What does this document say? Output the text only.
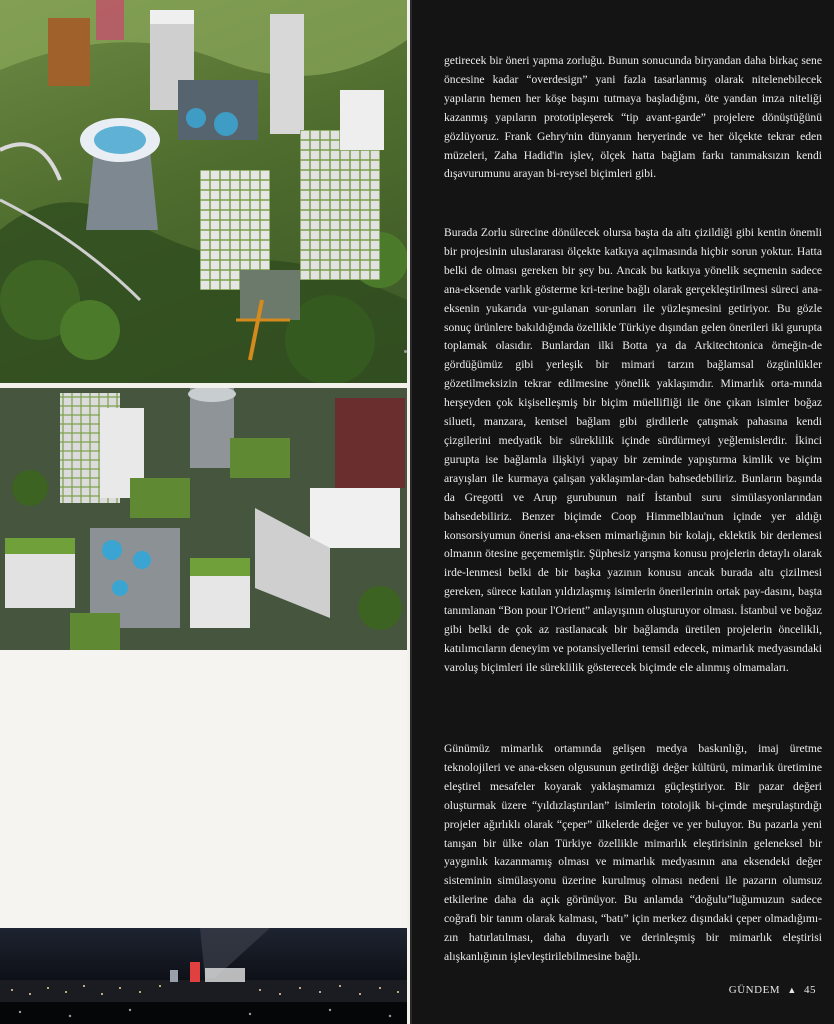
getirecek bir öneri yapma zorluğu. Bunun sonucunda biryandan daha birkaç sene öncesine kadar “overdesign” yani fazla tasarlanmış olarak nitelenebilecek yapıların hemen her köşe başını tutmaya başladığını, öte yandan imza niteliği kazanmış yapıların prototipleşerek “tip avant-garde” projelere dönüştüğünü gözlüyoruz. Frank Gehry'nin dünyanın heryerinde ve her ölçekte tekrar eden müzeleri, Zaha Hadid'in işlev, ölçek hatta bağlam farkı tanımaksızın kendi dışavurumunu arayan bi-reysel biçimleri gibi.

Burada Zorlu sürecine dönülecek olursa başta da altı çizildiği gibi kentin önemli bir projesinin uluslararası ölçekte katkıya açılmasında hiçbir sorun yoktur. Hatta belki de olması gereken bir şey bu. Ancak bu katkıya yönelik seçmenin sadece ana-eksende varlık gösterme kri-terine bağlı olarak gerçekleştirilmesi süreci ana-eksenin yukarıda vur-gulanan sorunları ile yüzleşmesini getiriyor. Bu gözle sonuç ürünlere bakıldığında özellikle Türkiye dışından gelen önerileri iki gurupta toplamak olasıdır. Bunlardan ilki Botta ya da Arkitechtonica örneğin-de gördüğümüz gibi yerleşik bir mimari tarzın bağlamsal özgünlükler gözetilmeksizin tekrar edilmesine yönelik yaklaşımdır. Mimarlık orta-mında herşeyden çok kişiselleşmiş bir biçim müellifliği ile öne çıkan isimler boğaz silueti, manzara, kentsel bağlam gibi girdilerle çatışmak pahasına kendi çizgilerini medyatik bir süreklilik içinde sürdürmeyi yeğlemislerdir. İkinci gurupta ise bağlamla ilişkiyi yapay bir zeminde yapıştırma kimlik ve biçim arayışları ile kurmaya çalışan yaklaşımlar-dan bahsedebiliriz. Bunların başında da Gregotti ve Arup gurubunun naif İstanbul suru simülasyonlarından bahsedebiliriz. Benzer biçimde Coop Himmelblau'nun içinde yer aldığı konsorsiyumun önerisi ana-eksen mimarlığının bir kolajı, eklektik bir derlemesi olmanın ötesine geçememiştir. Şüphesiz yarışma konusu projelerin detaylı olarak irde-lenmesi belki de bir başka yazının konusu ancak burada altı çizilmesi gereken, sürece katılan yıldızlaşmış isimlerin önerilerinin ortak pay-dasını, başta tanımlanan “Bon pour l'Orient” anlayışının oluşturuyor olması. İstanbul ve boğaz gibi belki de çok az rastlanacak bir bağlamda üretilen projelerin öncelikli, katılımcıların deneyim ve potansiyellerini temsil edecek, mimarlık medyasındaki varoluş biçimleri ile süreklilik gösterecek biçimde ele alınmış olmamaları.

Günümüz mimarlık ortamında gelişen medya baskınlığı, imaj üretme teknolojileri ve ana-eksen olgusunun getirdiği değer kültürü, mimarlık üretimine eleştirel mesafeler koyarak yaklaşmamızı güçleştiriyor. Bir pazar değeri oluşturmak üzere “yıldızlaştırılan” isimlerin totolojik bi-çimde meşrulaştırdığı projeler ağırlıklı olarak “çeper” ülkelerde değer ve yer buluyor. Bu pazarla yeni tanışan bir ülke olan Türkiye özellikle mimarlık eleştirisinin geleneksel bir yaygınlık kazanmamış olması ve mimarlık medyasının ana eksendeki değer sisteminin simülasyonu üzerine kurulmuş olması nedeni ile pazarın olumsuz etkilerine daha da açık görünüyor. Bu anlamda “doğulu”luğumuzun sadece coğrafi bir tanım olarak kalması, “batı” için merkez dışındaki çeper olmadığımı-zın hatırlatılması, daha duyarlı ve derinleşmiş bir mimarlık eleştirisi alışkanlığının işlevleştirilebilmesine bağlı.

GÜNDEM ▲ 45
